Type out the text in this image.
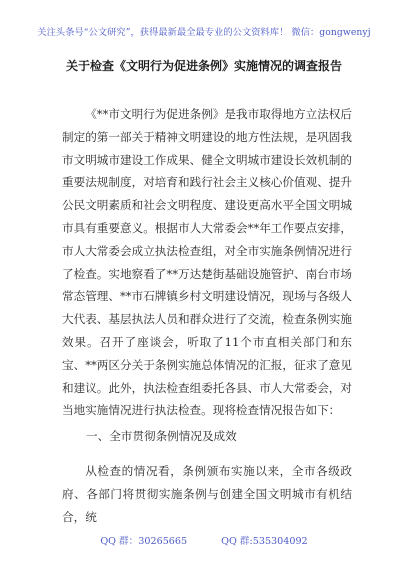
关注头条号“公文研究”，获得最新最全最专业的公文资料库！ 微信：gongwenyj
关于检查《文明行为促进条例》实施情况的调查报告

《**市文明行为促进条例》是我市取得地方立法权后制定的第一部关于精神文明建设的地方性法规，是巩固我市文明城市建设工作成果、健全文明城市建设长效机制的重要法规制度，对培育和践行社会主义核心价值观、提升公民文明素质和社会文明程度、建设更高水平全国文明城市具有重要意义。根据市人大常委会**年工作要点安排，市人大常委会成立执法检查组，对全市实施条例情况进行了检查。实地察看了**万达楚街基础设施管护、南台市场常态管理、**市石牌镇乡村文明建设情况，现场与各级人大代表、基层执法人员和群众进行了交流，检查条例实施效果。召开了座谈会，听取了11个市直相关部门和东宝、**两区分关于条例实施总体情况的汇报，征求了意见和建议。此外，执法检查组委托各县、市人大常委会，对当地实施情况进行执法检查。现将检查情况报告如下：

一、全市贯彻条例情况及成效

从检查的情况看，条例颁布实施以来，全市各级政府、各部门将贯彻实施条例与创建全国文明城市有机结合，统

QQ 群：30265665	QQ 群:535304092
